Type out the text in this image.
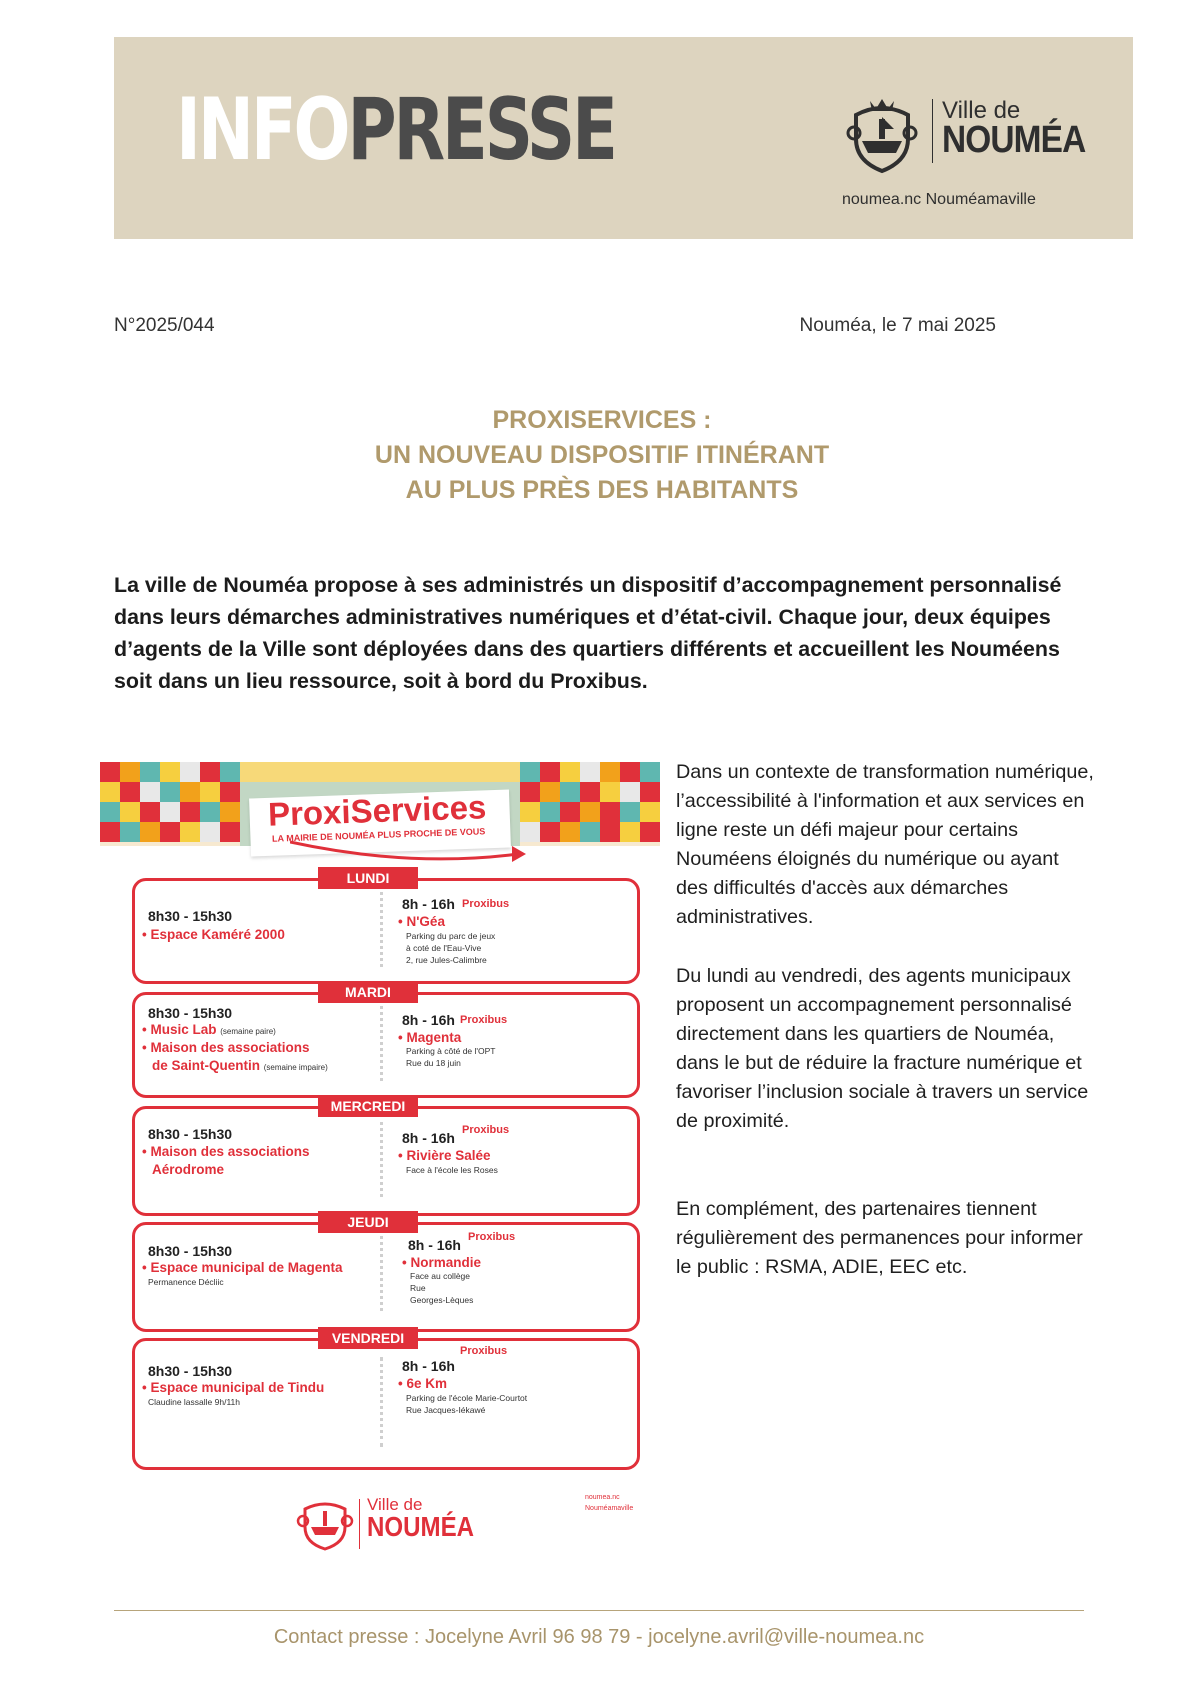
INFOPRESSE	Ville de
NOUMÉA
noumea.nc Nouméamaville
N°2025/044	Nouméa, le 7 mai 2025
PROXISERVICES :
UN NOUVEAU DISPOSITIF ITINÉRANT
AU PLUS PRÈS DES HABITANTS
La ville de Nouméa propose à ses administrés un dispositif d’accompagnement personnalisé dans leurs démarches administratives numériques et d’état-civil. Chaque jour, deux équipes d’agents de la Ville sont déployées dans des quartiers différents et accueillent les Nouméens soit dans un lieu ressource, soit à bord du Proxibus.
Dans un contexte de transformation numérique, l’accessibilité à l'information et aux services en ligne reste un défi majeur pour certains Nouméens éloignés du numérique ou ayant des difficultés d'accès aux démarches administratives.
Du lundi au vendredi, des agents municipaux proposent un accompagnement personnalisé directement dans les quartiers de Nouméa, dans le but de réduire la fracture numérique et favoriser l’inclusion sociale à travers un service de proximité.
En complément, des partenaires tiennent régulièrement des permanences pour informer le public : RSMA, ADIE, EEC etc.
ProxiServices
LA MAIRIE DE NOUMÉA PLUS PROCHE DE VOUS
LUNDI
8h30 - 15h30
• Espace Kaméré 2000
8h - 16h Proxibus
• N'Géa
Parking du parc de jeux
à coté de l'Eau-Vive
2, rue Jules-Calimbre
MARDI
8h30 - 15h30
• Music Lab (semaine paire)
• Maison des associations
de Saint-Quentin (semaine impaire)
8h - 16h Proxibus
• Magenta
Parking à côté de l'OPT
Rue du 18 juin
MERCREDI
8h30 - 15h30
• Maison des associations
Aérodrome
8h - 16h Proxibus
• Rivière Salée
Face à l'école les Roses
JEUDI
8h30 - 15h30
• Espace municipal de Magenta
Permanence Décliic
8h - 16h Proxibus
• Normandie
Face au collège
Rue
Georges-Lèques
VENDREDI
8h30 - 15h30
• Espace municipal de Tindu
Claudine lassalle 9h/11h
Proxibus
8h - 16h
• 6e Km
Parking de l'école Marie-Courtot
Rue Jacques-Iékawé
Ville de
NOUMÉA
noumea.nc
Nouméamaville
Contact presse : Jocelyne Avril 96 98 79 - jocelyne.avril@ville-noumea.nc
